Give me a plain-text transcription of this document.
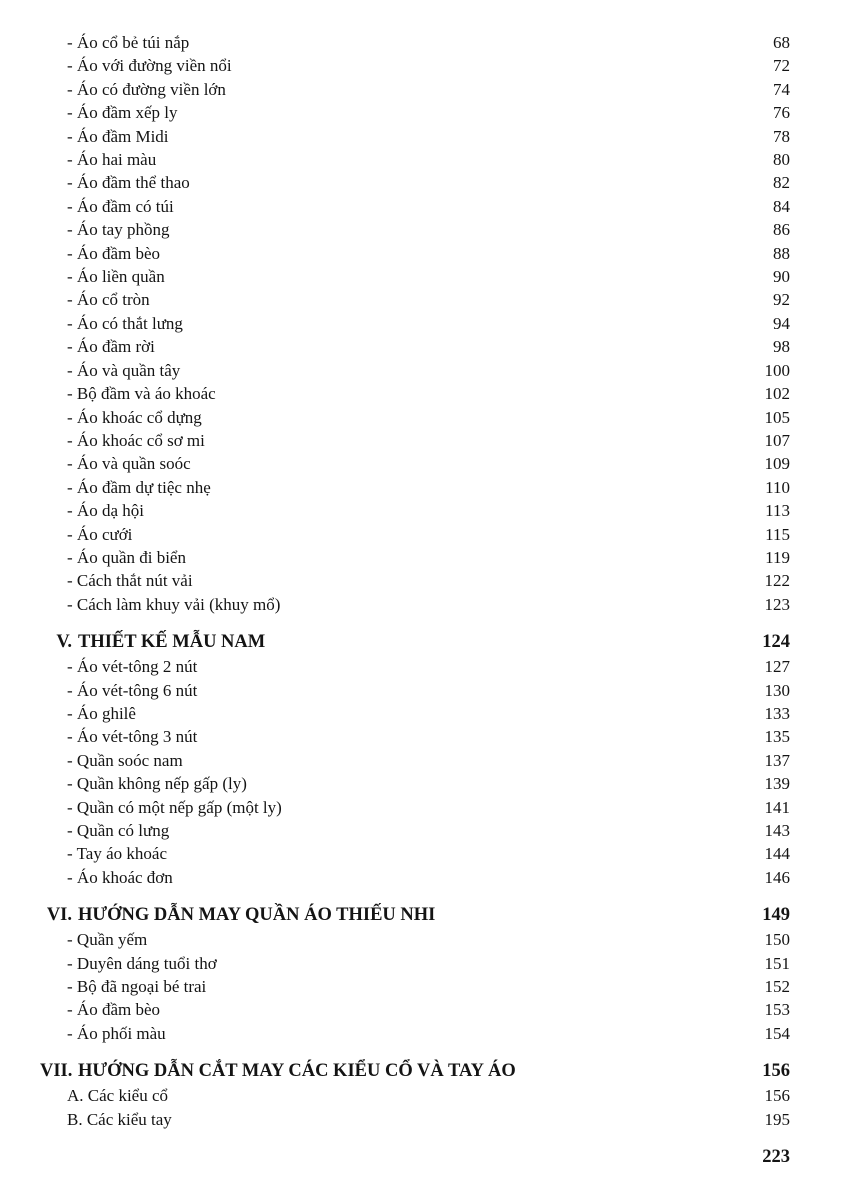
- Áo cổ bẻ túi nắp	68
- Áo với đường viền nổi	72
- Áo có đường viền lớn	74
- Áo đầm xếp ly	76
- Áo đầm Midi	78
- Áo hai màu	80
- Áo đầm thể thao	82
- Áo đầm có túi	84
- Áo tay phồng	86
- Áo đầm bèo	88
- Áo liền quần	90
- Áo cổ tròn	92
- Áo có thắt lưng	94
- Áo đầm rời	98
- Áo và quần tây	100
- Bộ đầm và áo khoác	102
- Áo khoác cổ dựng	105
- Áo khoác cổ sơ mi	107
- Áo và quần soóc	109
- Áo đầm dự tiệc nhẹ	110
- Áo dạ hội	113
- Áo cưới	115
- Áo quần đi biển	119
- Cách thắt nút vải	122
- Cách làm khuy vải (khuy mổ)	123
V. THIẾT KẾ MẪU NAM	124
- Áo vét-tông 2 nút	127
- Áo vét-tông 6 nút	130
- Áo ghilê	133
- Áo vét-tông 3 nút	135
- Quần soóc nam	137
- Quần không nếp gấp (ly)	139
- Quần có một nếp gấp (một ly)	141
- Quần có lưng	143
- Tay áo khoác	144
- Áo khoác đơn	146
VI. HƯỚNG DẪN MAY QUẦN ÁO THIẾU NHI	149
- Quần yếm	150
- Duyên dáng tuổi thơ	151
- Bộ đã ngoại bé trai	152
- Áo đầm bèo	153
- Áo phối màu	154
VII. HƯỚNG DẪN CẮT MAY CÁC KIỂU CỔ VÀ TAY ÁO	156
A. Các kiểu cổ	156
B. Các kiểu tay	195
223
